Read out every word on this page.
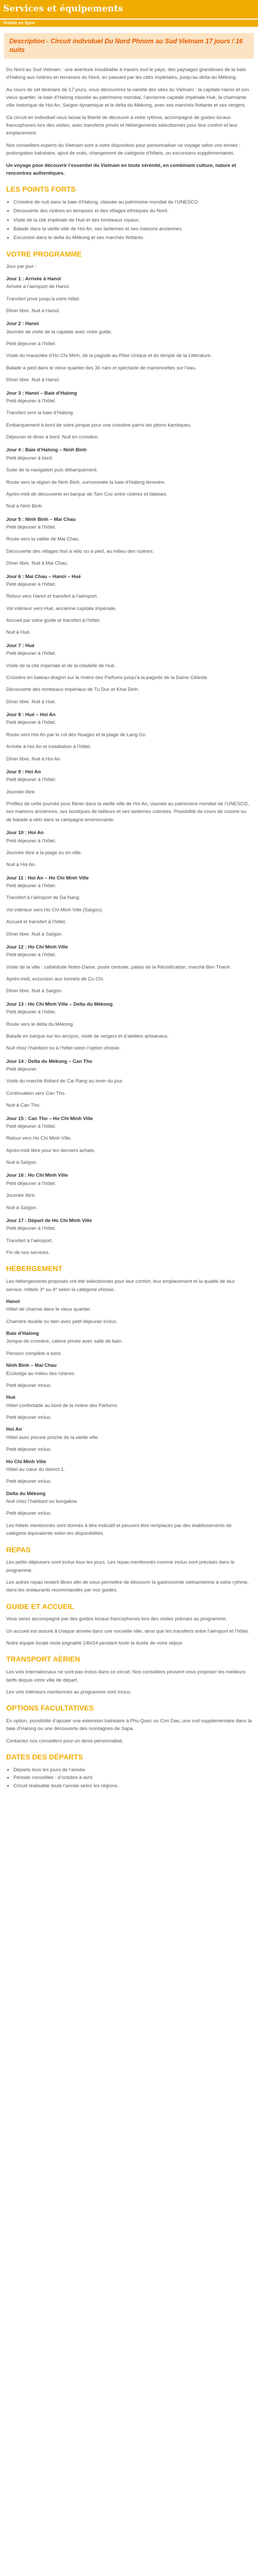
Services et équipements
Visible en ligne
Description - Circuit individuel Du Nord Phnom au Sud Vietnam 17 jours / 16 nuits

Du Nord au Sud Vietnam : une aventure inoubliable à travers tout le pays, des paysages grandioses de la baie d’Halong aux rizières en terrasses du Nord, en passant par les cités impériales, jusqu’au delta du Mékong.

Au cours de cet itinéraire de 17 jours, vous découvrirez la variété des sites du Vietnam : la capitale Hanoï et son vieux quartier, la baie d’Halong classée au patrimoine mondial, l’ancienne capitale impériale Hué, la charmante ville historique de Hoi An, Saïgon dynamique et le delta du Mékong, avec ses marchés flottants et ses vergers.

Ce circuit en individuel vous laisse la liberté de découvrir à votre rythme, accompagné de guides locaux francophones lors des visites, avec transferts privés et hébergements sélectionnés pour leur confort et leur emplacement.

Nos conseillers experts du Vietnam sont à votre disposition pour personnaliser ce voyage selon vos envies : prolongation balnéaire, ajout de nuits, changement de catégorie d’hôtels, ou excursions supplémentaires.

Un voyage pour découvrir l’essentiel du Vietnam en toute sérénité, en combinant culture, nature et rencontres authentiques.

LES POINTS FORTS
• Croisière de nuit dans la baie d’Halong, classée au patrimoine mondial de l’UNESCO.
• Découverte des rizières en terrasses et des villages ethniques du Nord.
• Visite de la cité impériale de Hué et des tombeaux royaux.
• Balade dans la vieille ville de Hoi An, ses lanternes et ses maisons anciennes.
• Excursion dans le delta du Mékong et ses marchés flottants.
VOTRE PROGRAMME

Jour par jour :

Jour 1 : Arrivée à Hanoï

Arrivée à l’aéroport de Hanoï.

Transfert privé jusqu’à votre hôtel.

Dîner libre. Nuit à Hanoï.

Jour 2 : Hanoï

Journée de visite de la capitale avec votre guide.

Petit déjeuner à l’hôtel.

Visite du mausolée d’Ho Chi Minh, de la pagode au Pilier Unique et du temple de la Littérature.

Balade à pied dans le vieux quartier des 36 rues et spectacle de marionnettes sur l’eau.

Dîner libre. Nuit à Hanoï.

Jour 3 : Hanoï – Baie d’Halong

Petit déjeuner à l’hôtel.

Transfert vers la baie d’Halong.

Embarquement à bord de votre jonque pour une croisière parmi les pitons karstiques.

Déjeuner et dîner à bord. Nuit en croisière.

Jour 4 : Baie d’Halong – Ninh Binh

Petit déjeuner à bord.

Suite de la navigation puis débarquement.

Route vers la région de Ninh Binh, surnommée la baie d’Halong terrestre.

Après-midi de découverte en barque de Tam Coc entre rizières et falaises.

Nuit à Ninh Binh.

Jour 5 : Ninh Binh – Mai Chau

Petit déjeuner à l’hôtel.

Route vers la vallée de Mai Chau.

Découverte des villages thaï à vélo ou à pied, au milieu des rizières.

Dîner libre. Nuit à Mai Chau.

Jour 6 : Mai Chau – Hanoï – Hué

Petit déjeuner à l’hôtel.

Retour vers Hanoï et transfert à l’aéroport.

Vol intérieur vers Hué, ancienne capitale impériale.

Accueil par votre guide et transfert à l’hôtel.

Nuit à Hué.

Jour 7 : Hué

Petit déjeuner à l’hôtel.

Visite de la cité impériale et de la citadelle de Hué.

Croisière en bateau-dragon sur la rivière des Parfums jusqu’à la pagode de la Dame Céleste.

Découverte des tombeaux impériaux de Tu Duc et Khai Dinh.

Dîner libre. Nuit à Hué.

Jour 8 : Hué – Hoi An

Petit déjeuner à l’hôtel.

Route vers Hoi An par le col des Nuages et la plage de Lang Co.

Arrivée à Hoi An et installation à l’hôtel.

Dîner libre. Nuit à Hoi An.

Jour 9 : Hoi An

Petit déjeuner à l’hôtel.

Journée libre.

Profitez de cette journée pour flâner dans la vieille ville de Hoi An, classée au patrimoine mondial de l’UNESCO, ses maisons anciennes, ses boutiques de tailleurs et ses lanternes colorées. Possibilité de cours de cuisine ou de balade à vélo dans la campagne environnante.

Jour 10 : Hoi An

Petit déjeuner à l’hôtel.

Journée libre à la plage ou en ville.

Nuit à Hoi An.

Jour 11 : Hoi An – Ho Chi Minh Ville

Petit déjeuner à l’hôtel.

Transfert à l’aéroport de Da Nang.

Vol intérieur vers Ho Chi Minh Ville (Saïgon).

Accueil et transfert à l’hôtel.

Dîner libre. Nuit à Saïgon.

Jour 12 : Ho Chi Minh Ville

Petit déjeuner à l’hôtel.

Visite de la ville : cathédrale Notre-Dame, poste centrale, palais de la Réunification, marché Ben Thanh.

Après-midi, excursion aux tunnels de Cu Chi.

Dîner libre. Nuit à Saïgon.

Jour 13 : Ho Chi Minh Ville – Delta du Mékong

Petit déjeuner à l’hôtel.

Route vers le delta du Mékong.

Balade en barque sur les arroyos, visite de vergers et d’ateliers artisanaux.

Nuit chez l’habitant ou à l’hôtel selon l’option choisie.

Jour 14 : Delta du Mékong – Can Tho

Petit déjeuner.

Visite du marché flottant de Cai Rang au lever du jour.

Continuation vers Can Tho.

Nuit à Can Tho.

Jour 15 : Can Tho – Ho Chi Minh Ville

Petit déjeuner à l’hôtel.

Retour vers Ho Chi Minh Ville.

Après-midi libre pour les derniers achats.

Nuit à Saïgon.

Jour 16 : Ho Chi Minh Ville

Petit déjeuner à l’hôtel.

Journée libre.

Nuit à Saïgon.

Jour 17 : Départ de Ho Chi Minh Ville

Petit déjeuner à l’hôtel.

Transfert à l’aéroport.

Fin de nos services.

HÉBERGEMENT

Les hébergements proposés ont été sélectionnés pour leur confort, leur emplacement et la qualité de leur service. Hôtels 3* ou 4* selon la catégorie choisie.

Hanoï

Hôtel de charme dans le vieux quartier.

Chambre double ou twin avec petit déjeuner inclus.

Baie d’Halong

Jonque de croisière, cabine privée avec salle de bain.

Pension complète à bord.

Ninh Binh – Mai Chau

Écolodge au milieu des rizières.

Petit déjeuner inclus.

Hué

Hôtel confortable au bord de la rivière des Parfums.

Petit déjeuner inclus.

Hoi An

Hôtel avec piscine proche de la vieille ville.

Petit déjeuner inclus.

Ho Chi Minh Ville

Hôtel au cœur du district 1.

Petit déjeuner inclus.

Delta du Mékong

Nuit chez l’habitant ou bungalow.

Petit déjeuner inclus.

Les hôtels mentionnés sont donnés à titre indicatif et peuvent être remplacés par des établissements de catégorie équivalente selon les disponibilités.

REPAS

Les petits déjeuners sont inclus tous les jours. Les repas mentionnés comme inclus sont précisés dans le programme.

Les autres repas restent libres afin de vous permettre de découvrir la gastronomie vietnamienne à votre rythme, dans les restaurants recommandés par nos guides.

GUIDE ET ACCUEIL

Vous serez accompagné par des guides locaux francophones lors des visites prévues au programme.

Un accueil est assuré à chaque arrivée dans une nouvelle ville, ainsi que les transferts entre l’aéroport et l’hôtel.

Notre équipe locale reste joignable 24h/24 pendant toute la durée de votre séjour.

TRANSPORT AÉRIEN

Les vols internationaux ne sont pas inclus dans ce circuit. Nos conseillers peuvent vous proposer les meilleurs tarifs depuis votre ville de départ.

Les vols intérieurs mentionnés au programme sont inclus.

OPTIONS FACULTATIVES

En option, possibilité d’ajouter une extension balnéaire à Phu Quoc ou Con Dao, une nuit supplémentaire dans la baie d’Halong ou une découverte des montagnes de Sapa.

Contactez nos conseillers pour un devis personnalisé.

DATES DES DÉPARTS
• Départs tous les jours de l’année.
• Période conseillée : d’octobre à avril.
• Circuit réalisable toute l’année selon les régions.
